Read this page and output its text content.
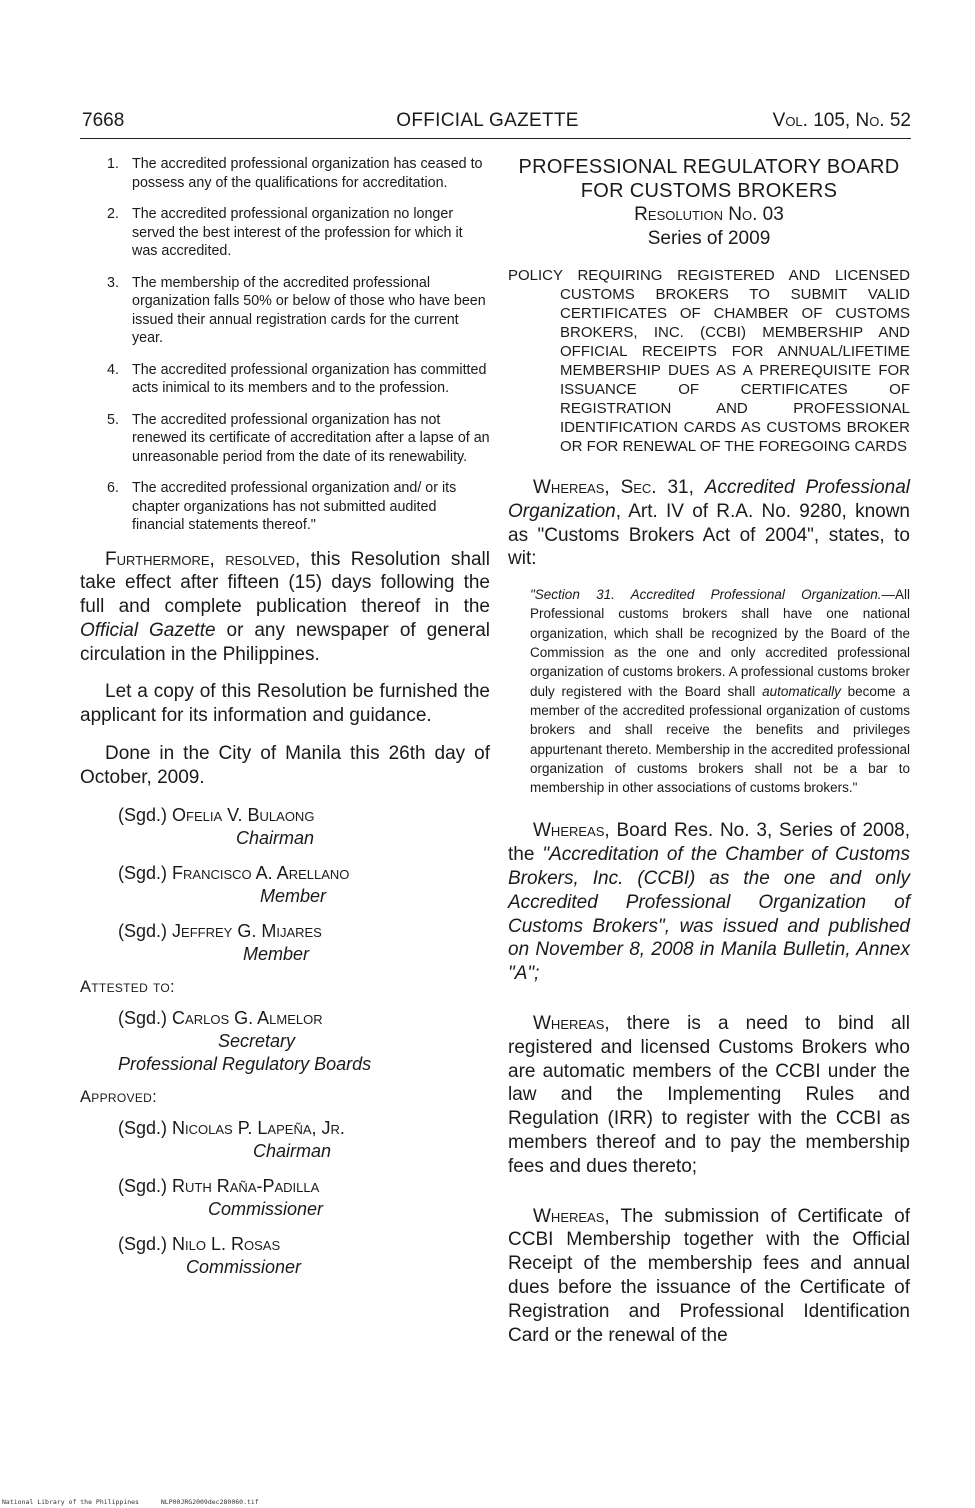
7668	OFFICIAL GAZETTE	Vol. 105, No. 52
1. The accredited professional organization has ceased to possess any of the qualifications for accreditation.
2. The accredited professional organization no longer served the best interest of the profession for which it was accredited.
3. The membership of the accredited professional organization falls 50% or below of those who have been issued their annual registration cards for the current year.
4. The accredited professional organization has committed acts inimical to its members and to the profession.
5. The accredited professional organization has not renewed its certificate of accreditation after a lapse of an unreasonable period from the date of its renewability.
6. The accredited professional organization and/ or its chapter organizations has not submitted audited financial statements thereof."

Furthermore, resolved, this Resolution shall take effect after fifteen (15) days following the full and complete publication thereof in the Official Gazette or any newspaper of general circulation in the Philippines.

Let a copy of this Resolution be furnished the applicant for its information and guidance.

Done in the City of Manila this 26th day of October, 2009.

(Sgd.) Ofelia V. Bulaong
Chairman
(Sgd.) Francisco A. Arellano
Member
(Sgd.) Jeffrey G. Mijares
Member
Attested to:
(Sgd.) Carlos G. Almelor
Secretary
Professional Regulatory Boards
Approved:
(Sgd.) Nicolas P. Lapeña, Jr.
Chairman
(Sgd.) Ruth Raña-Padilla
Commissioner
(Sgd.) Nilo L. Rosas
Commissioner
PROFESSIONAL REGULATORY BOARD
FOR CUSTOMS BROKERS
Resolution No. 03
Series of 2009
POLICY REQUIRING REGISTERED AND LICENSED CUSTOMS BROKERS TO SUBMIT VALID CERTIFICATES OF CHAMBER OF CUSTOMS BROKERS, INC. (CCBI) MEMBERSHIP AND OFFICIAL RECEIPTS FOR ANNUAL/LIFETIME MEMBERSHIP DUES AS A PREREQUISITE FOR ISSUANCE OF CERTIFICATES OF REGISTRATION AND PROFESSIONAL IDENTIFICATION CARDS AS CUSTOMS BROKER OR FOR RENEWAL OF THE FOREGOING CARDS

Whereas, Sec. 31, Accredited Professional Organization, Art. IV of R.A. No. 9280, known as "Customs Brokers Act of 2004", states, to wit:

"Section 31. Accredited Professional Organization.—All Professional customs brokers shall have one national organization, which shall be recognized by the Board of the Commission as the one and only accredited professional organization of customs brokers. A professional customs broker duly registered with the Board shall automatically become a member of the accredited professional organization of customs brokers and shall receive the benefits and privileges appurtenant thereto. Membership in the accredited professional organization of customs brokers shall not be a bar to membership in other associations of customs brokers."

Whereas, Board Res. No. 3, Series of 2008, the "Accreditation of the Chamber of Customs Brokers, Inc. (CCBI) as the one and only Accredited Professional Organization of Customs Brokers", was issued and published on November 8, 2008 in Manila Bulletin, Annex "A";

Whereas, there is a need to bind all registered and licensed Customs Brokers who are automatic members of the CCBI under the law and the Implementing Rules and Regulation (IRR) to register with the CCBI as members thereof and to pay the membership fees and dues thereto;

Whereas, The submission of Certificate of CCBI Membership together with the Official Receipt of the membership fees and annual dues before the issuance of the Certificate of Registration and Professional Identification Card or the renewal of the

National Library of the Philippines	NLP00JRG2009dec280060.tif
